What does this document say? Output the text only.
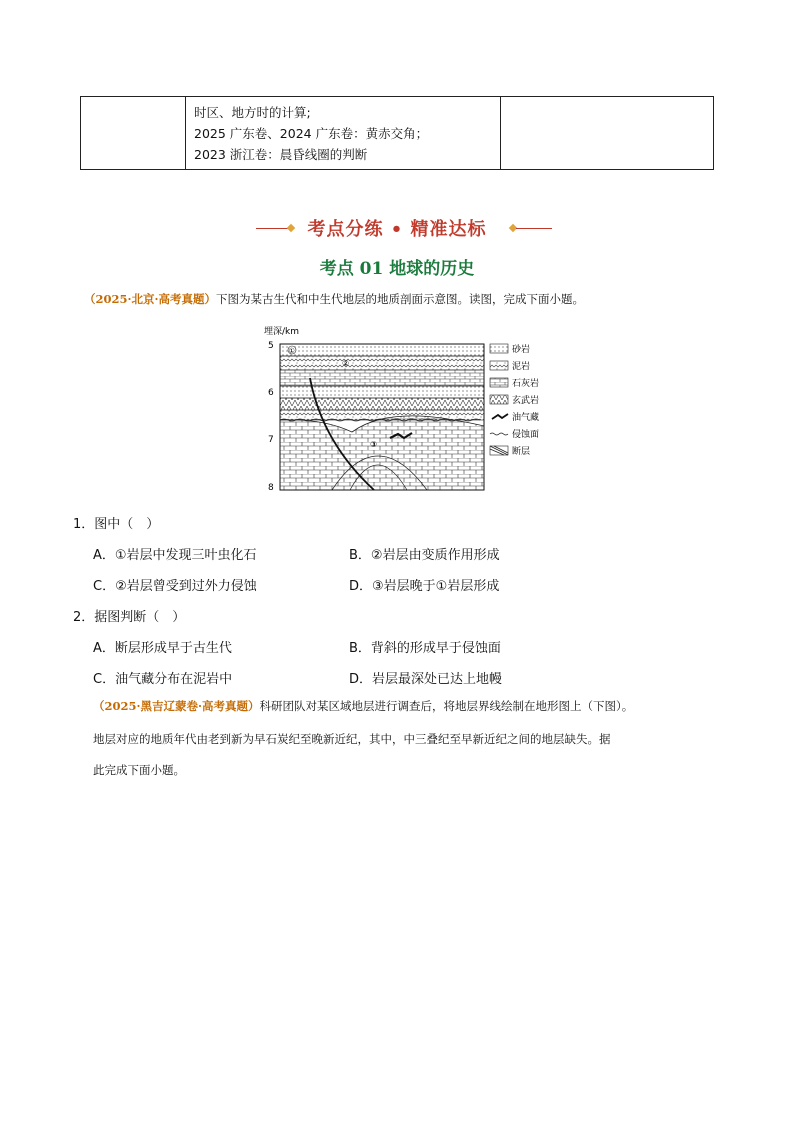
时区、地方时的计算;
2025 广东卷、2024 广东卷：黄赤交角；
2023 浙江卷：晨昏线圈的判断

考点分练 • 精准达标
考点 01 地球的历史
（2025·北京·高考真题）下图为某古生代和中生代地层的地质剖面示意图。读图，完成下面小题。
埋深/km
5
6
7
8
①
②
③
砂岩
泥岩
石灰岩
玄武岩
油气藏
侵蚀面
断层
1．图中（　）
A．①岩层中发现三叶虫化石	B．②岩层由变质作用形成
C．②岩层曾受到过外力侵蚀	D．③岩层晚于①岩层形成
2．据图判断（　）
A．断层形成早于古生代	B．背斜的形成早于侵蚀面
C．油气藏分布在泥岩中	D．岩层最深处已达上地幔
（2025·黑吉辽蒙卷·高考真题）科研团队对某区域地层进行调查后，将地层界线绘制在地形图上（下图）。
地层对应的地质年代由老到新为早石炭纪至晚新近纪，其中，中三叠纪至早新近纪之间的地层缺失。据
此完成下面小题。
